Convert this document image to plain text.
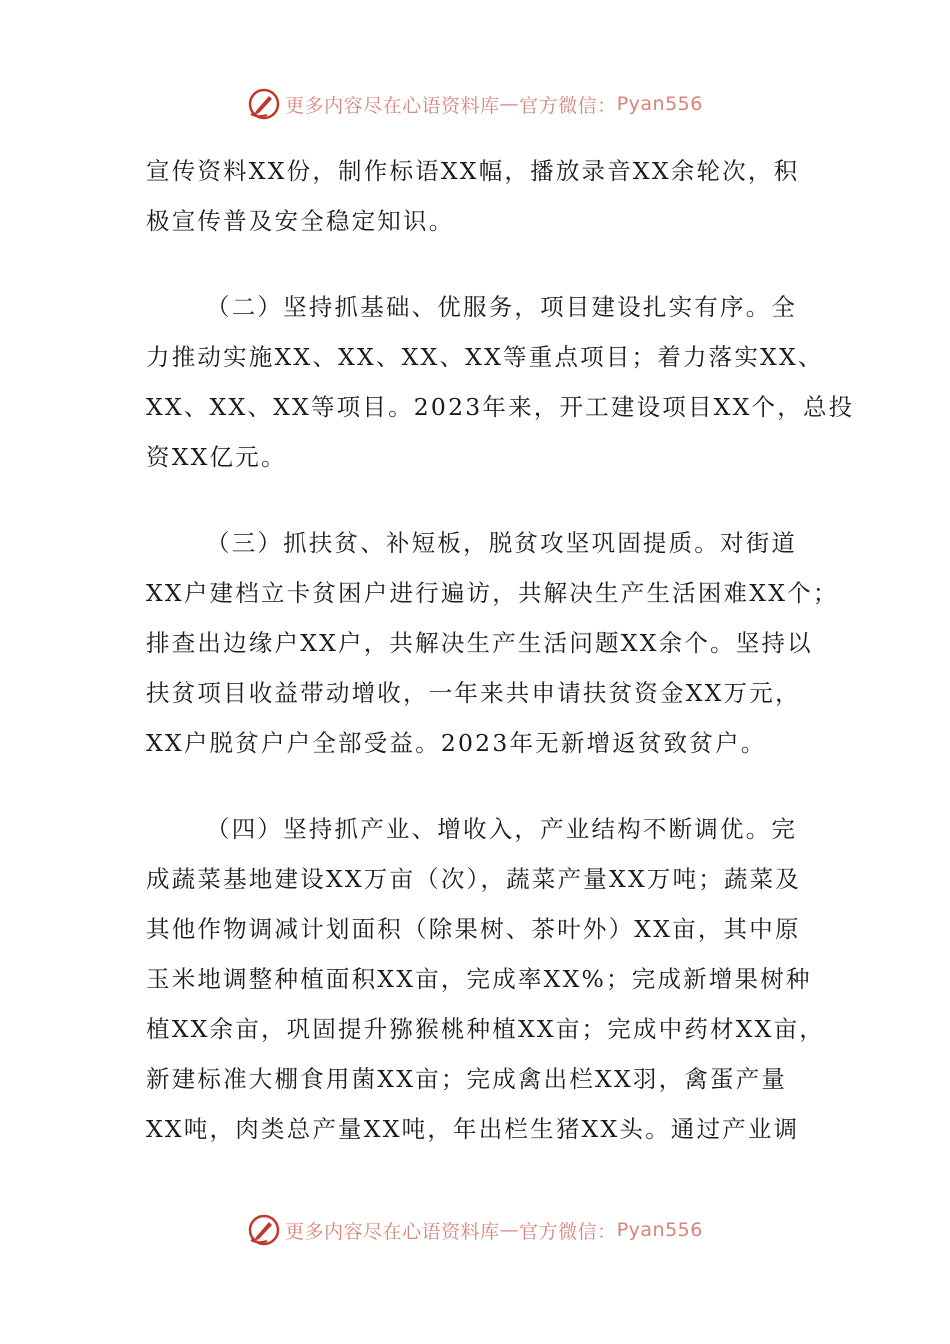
更多内容尽在心语资料库 — 官方微信： Pyan556
宣传资料XX份，制作标语XX幅，播放录音XX余轮次，积
极宣传普及安全稳定知识。
（二）坚持抓基础、优服务，项目建设扎实有序。全
力推动实施XX、XX、XX、XX等重点项目；着力落实XX、
XX、XX、XX等项目。2023年来，开工建设项目XX个，总投
资XX亿元。
（三）抓扶贫、补短板，脱贫攻坚巩固提质。对街道
XX户建档立卡贫困户进行遍访，共解决生产生活困难XX个；
排查出边缘户XX户，共解决生产生活问题XX余个。坚持以
扶贫项目收益带动增收，一年来共申请扶贫资金XX万元，
XX户脱贫户户全部受益。2023年无新增返贫致贫户。
（四）坚持抓产业、增收入，产业结构不断调优。完
成蔬菜基地建设XX万亩（次），蔬菜产量XX万吨；蔬菜及
其他作物调减计划面积（除果树、茶叶外）XX亩，其中原
玉米地调整种植面积XX亩，完成率XX%；完成新增果树种
植XX余亩，巩固提升猕猴桃种植XX亩；完成中药材XX亩，
新建标准大棚食用菌XX亩；完成禽出栏XX羽，禽蛋产量
XX吨，肉类总产量XX吨，年出栏生猪XX头。通过产业调
更多内容尽在心语资料库 — 官方微信： Pyan556
